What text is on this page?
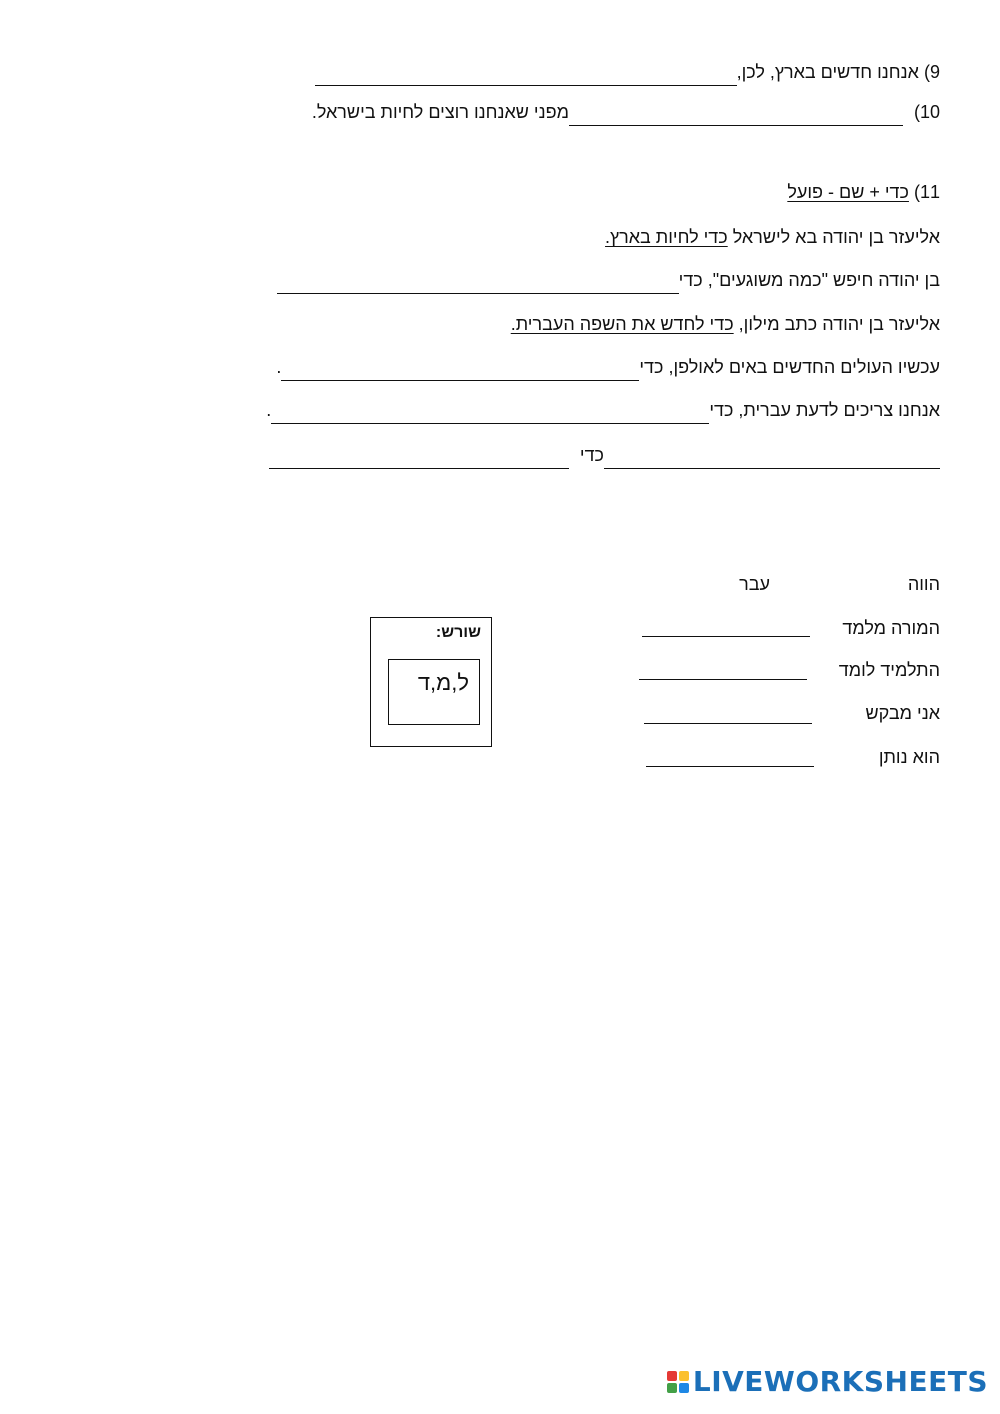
9) אנחנו חדשים בארץ, לכן,
10) מפני שאנחנו רוצים לחיות בישראל.
11) כדי + שם - פועל
אליעזר בן יהודה בא לישראל כדי לחיות בארץ.
בן יהודה חיפש "כמה משוגעים", כדי
אליעזר בן יהודה כתב מילון, כדי לחדש את השפה העברית.
עכשיו העולים החדשים באים לאולפן, כדי.
אנחנו צריכים לדעת עברית, כדי.
כדי
הווה
עבר
המורה מלמד
התלמיד לומד
אני מבקש
הוא נותן
שורש:
ל,מ,ד
LIVEWORKSHEETS
